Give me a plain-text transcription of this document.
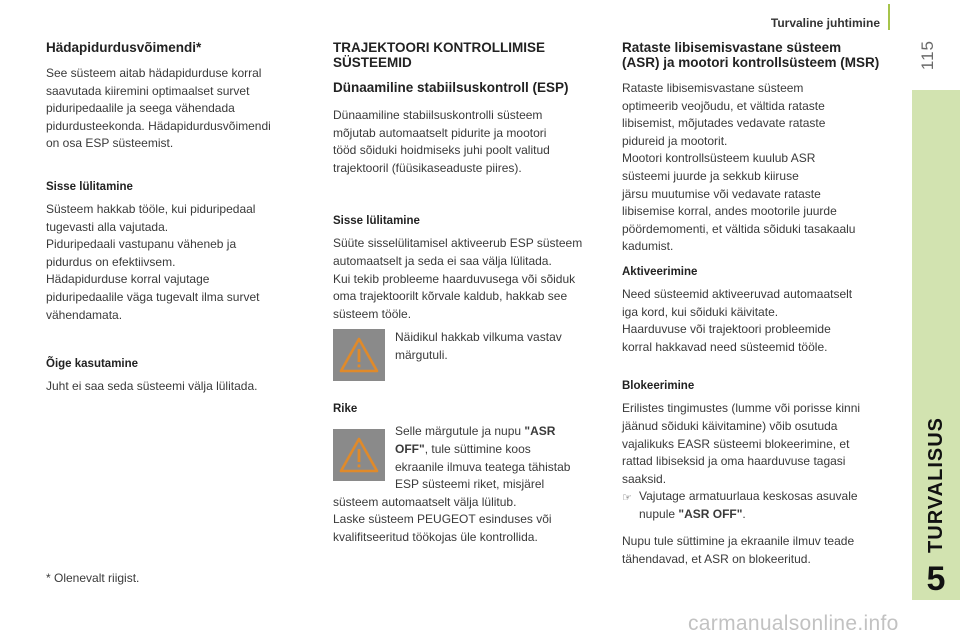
Turvaline juhtimine
115
TURVALISUS
5
Hädapidurdusvõimendi*

See süsteem aitab hädapidurduse korral
saavutada kiiremini optimaalset survet
piduripedaalile ja seega vähendada
pidurdusteekonda. Hädapidurdusvõimendi
on osa ESP süsteemist.

Sisse lülitamine

Süsteem hakkab tööle, kui piduripedaal
tugevasti alla vajutada.
Piduripedaali vastupanu väheneb ja
pidurdus on efektiivsem.
Hädapidurduse korral vajutage
piduripedaalile väga tugevalt ilma survet
vähendamata.

Õige kasutamine

Juht ei saa seda süsteemi välja lülitada.

TRAJEKTOORI KONTROLLIMISE
SÜSTEEMID
Dünaamiline stabiilsuskontroll (ESP)

Dünaamiline stabiilsuskontrolli süsteem
mõjutab automaatselt pidurite ja mootori
tööd sõiduki hoidmiseks juhi poolt valitud
trajektooril (füüsikaseaduste piires).

Sisse lülitamine

Süüte sisselülitamisel aktiveerub ESP süsteem
automaatselt ja seda ei saa välja lülitada.
Kui tekib probleeme haarduvusega või sõiduk
oma trajektoorilt kõrvale kaldub, hakkab see
süsteem tööle.

Näidikul hakkab vilkuma vastav
märgutuli.

Rike

Selle märgutule ja nupu "ASR
OFF", tule süttimine koos
ekraanile ilmuva teatega tähistab
ESP süsteemi riket, misjärel

süsteem automaatselt välja lülitub.
Laske süsteem PEUGEOT esinduses või
kvalifitseeritud töökojas üle kontrollida.

Rataste libisemisvastane süsteem
(ASR) ja mootori kontrollsüsteem (MSR)

Rataste libisemisvastane süsteem
optimeerib veojõudu, et vältida rataste
libisemist, mõjutades vedavate rataste
pidureid ja mootorit.
Mootori kontrollsüsteem kuulub ASR
süsteemi juurde ja sekkub kiiruse
järsu muutumise või vedavate rataste
libisemise korral, andes mootorile juurde
pöördemomenti, et vältida sõiduki tasakaalu
kadumist.

Aktiveerimine

Need süsteemid aktiveeruvad automaatselt
iga kord, kui sõiduki käivitate.
Haarduvuse või trajektoori probleemide
korral hakkavad need süsteemid tööle.

Blokeerimine

Erilistes tingimustes (lumme või porisse kinni
jäänud sõiduki käivitamine) võib osutuda
vajalikuks EASR süsteemi blokeerimine, et
rattad libiseksid ja oma haarduvuse tagasi
saaksid.

☞ Vajutage armatuurlaua keskosas asuvale
nupule "ASR OFF".

Nupu tule süttimine ja ekraanile ilmuv teade
tähendavad, et ASR on blokeeritud.

* Olenevalt riigist.
carmanualsonline.info
